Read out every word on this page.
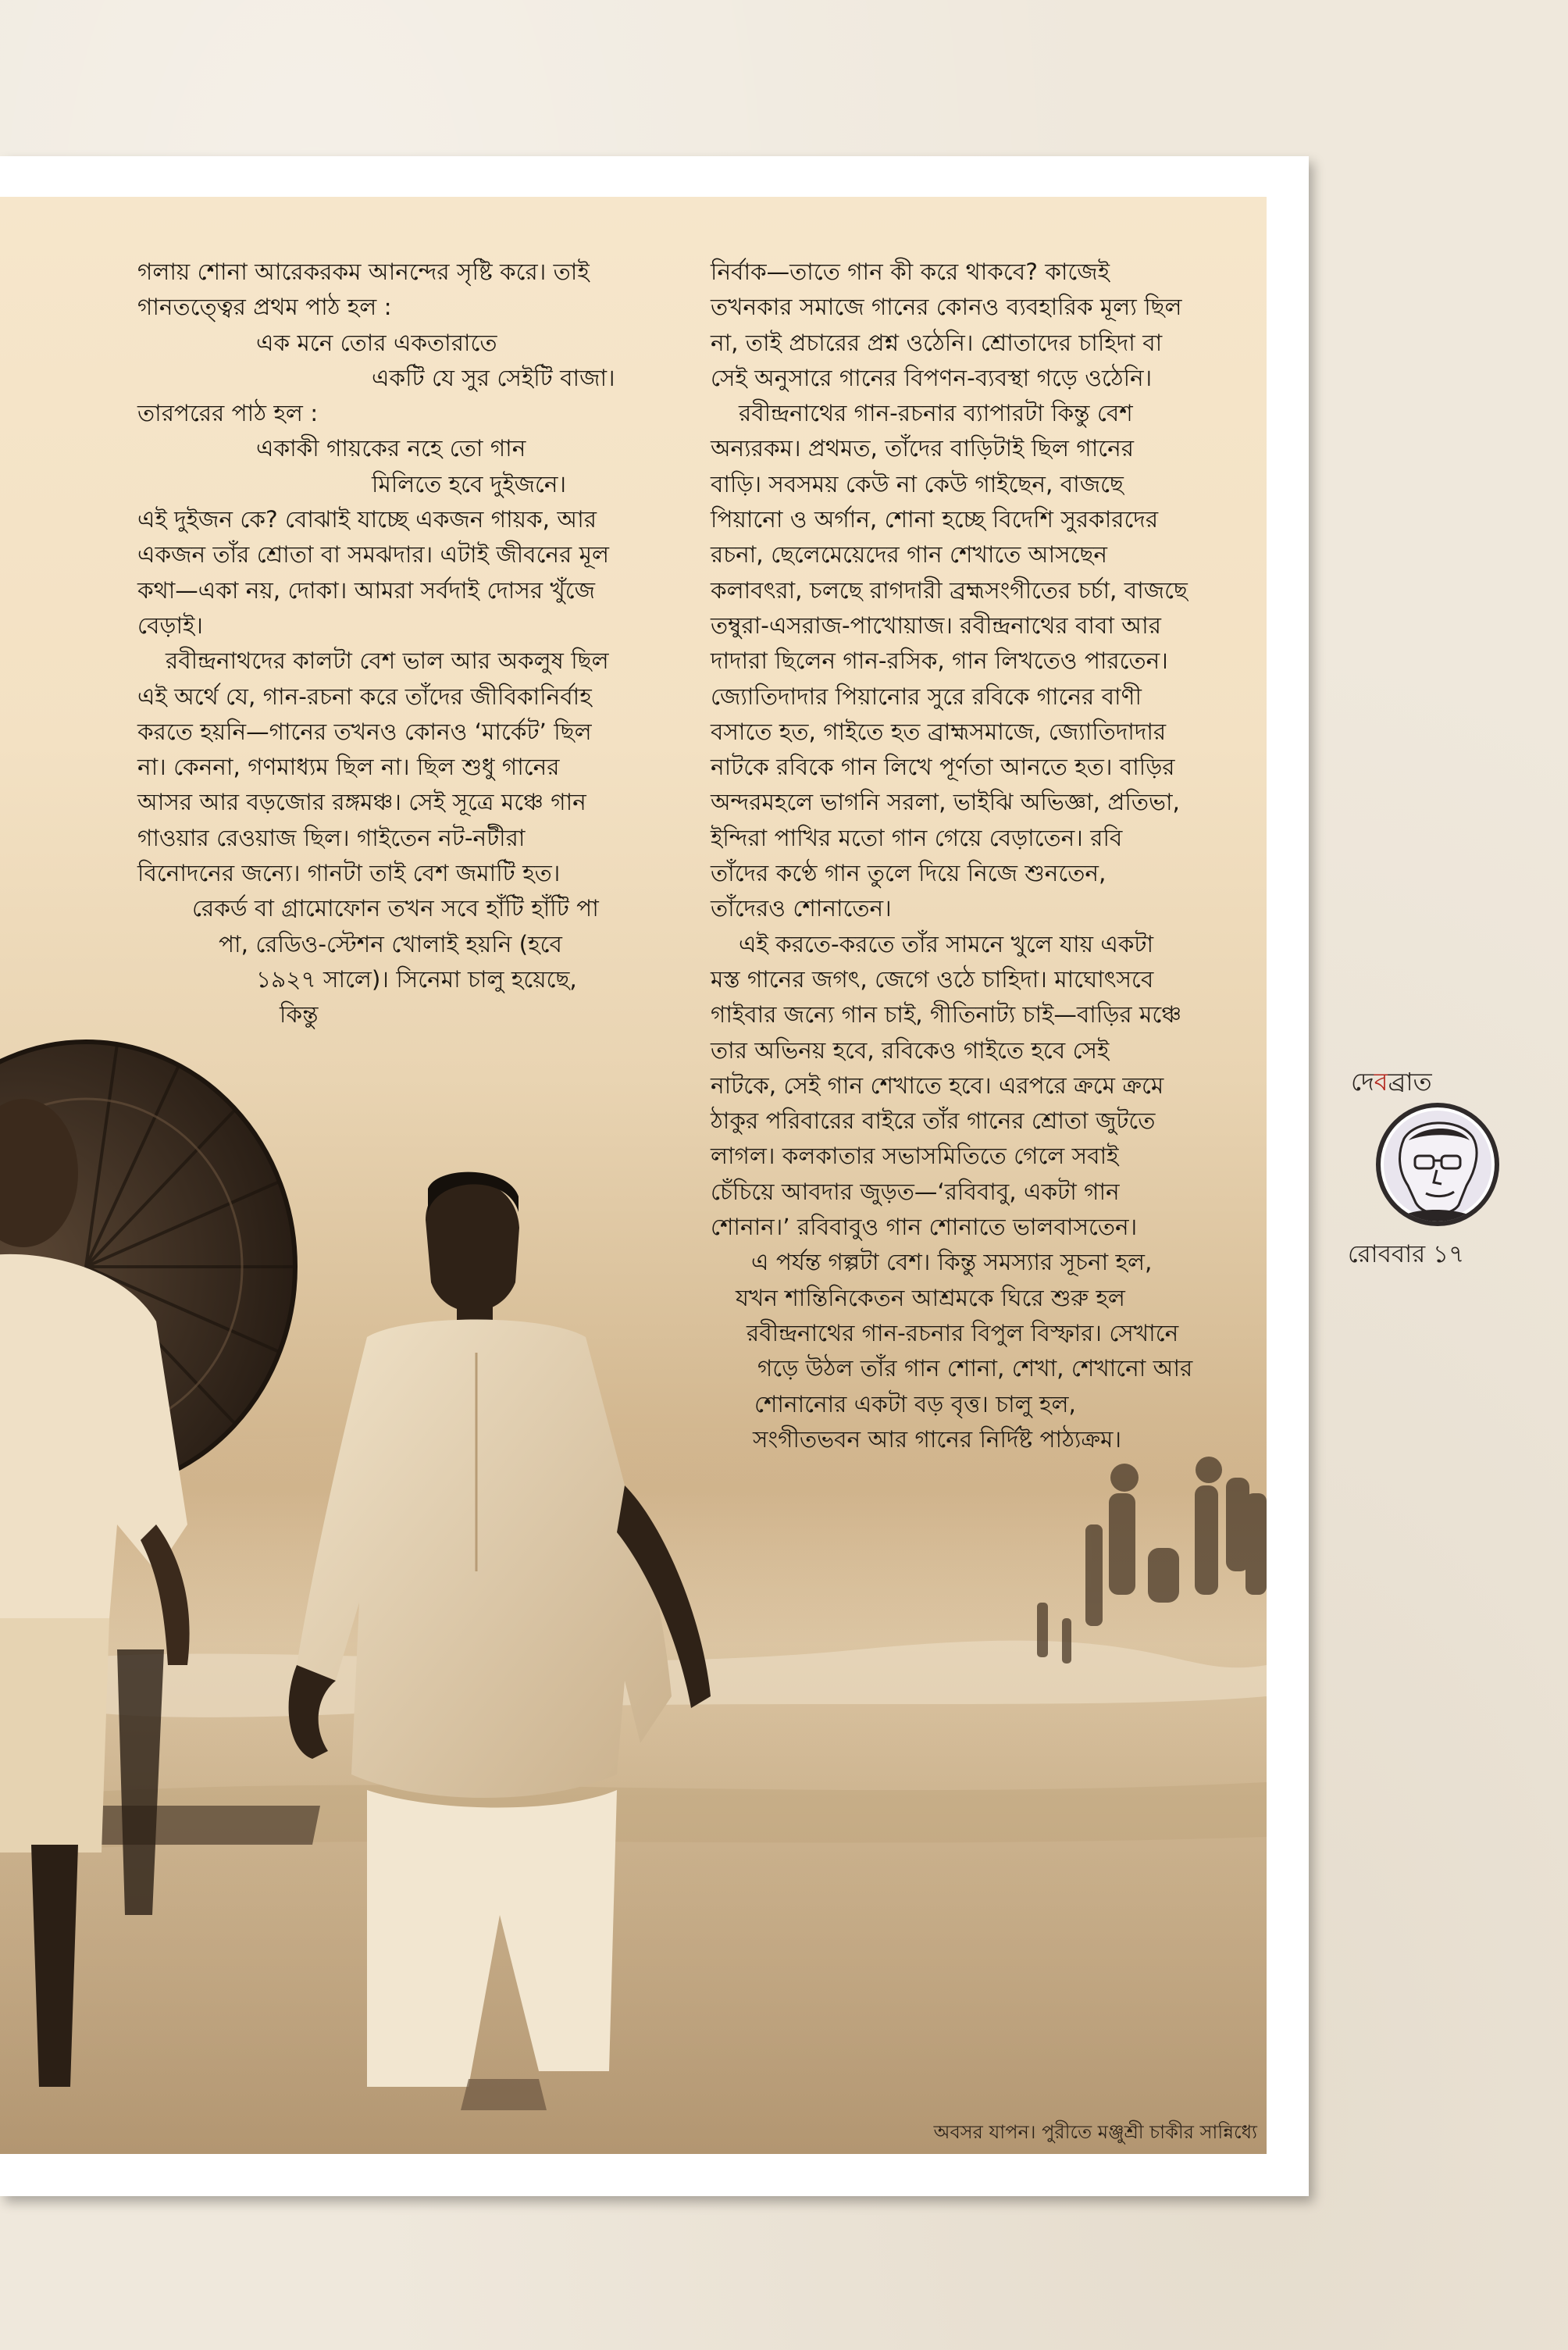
গলায় শোনা আরেকরকম আনন্দের সৃষ্টি করে। তাই

গানতত্ত্বের প্রথম পাঠ হল :

এক মনে তোর একতারাতে

একটি যে সুর সেইটি বাজা।

তারপরের পাঠ হল :

একাকী গায়কের নহে তো গান

মিলিতে হবে দুইজনে।

এই দুইজন কে? বোঝাই যাচ্ছে একজন গায়ক, আর

একজন তাঁর শ্রোতা বা সমঝদার। এটাই জীবনের মূল

কথা—একা নয়, দোকা। আমরা সর্বদাই দোসর খুঁজে

বেড়াই।

রবীন্দ্রনাথদের কালটা বেশ ভাল আর অকলুষ ছিল

এই অর্থে যে, গান-রচনা করে তাঁদের জীবিকানির্বাহ

করতে হয়নি—গানের তখনও কোনও ‘মার্কেট’ ছিল

না। কেননা, গণমাধ্যম ছিল না। ছিল শুধু গানের

আসর আর বড়জোর রঙ্গমঞ্চ। সেই সূত্রে মঞ্চে গান

গাওয়ার রেওয়াজ ছিল। গাইতেন নট-নটীরা

বিনোদনের জন্যে। গানটা তাই বেশ জমাটি হত।

রেকর্ড বা গ্রামোফোন তখন সবে হাঁটি হাঁটি পা

পা, রেডিও-স্টেশন খোলাই হয়নি (হবে

১৯২৭ সালে)। সিনেমা চালু হয়েছে,

কিন্তু

নির্বাক—তাতে গান কী করে থাকবে? কাজেই

তখনকার সমাজে গানের কোনও ব্যবহারিক মূল্য ছিল

না, তাই প্রচারের প্রশ্ন ওঠেনি। শ্রোতাদের চাহিদা বা

সেই অনুসারে গানের বিপণন-ব্যবস্থা গড়ে ওঠেনি।

রবীন্দ্রনাথের গান-রচনার ব্যাপারটা কিন্তু বেশ

অন্যরকম। প্রথমত, তাঁদের বাড়িটাই ছিল গানের

বাড়ি। সবসময় কেউ না কেউ গাইছেন, বাজছে

পিয়ানো ও অর্গান, শোনা হচ্ছে বিদেশি সুরকারদের

রচনা, ছেলেমেয়েদের গান শেখাতে আসছেন

কলাবৎরা, চলছে রাগদারী ব্রহ্মসংগীতের চর্চা, বাজছে

তম্বুরা-এসরাজ-পাখোয়াজ। রবীন্দ্রনাথের বাবা আর

দাদারা ছিলেন গান-রসিক, গান লিখতেও পারতেন।

জ্যোতিদাদার পিয়ানোর সুরে রবিকে গানের বাণী

বসাতে হত, গাইতে হত ব্রাহ্মসমাজে, জ্যোতিদাদার

নাটকে রবিকে গান লিখে পূর্ণতা আনতে হত। বাড়ির

অন্দরমহলে ভাগনি সরলা, ভাইঝি অভিজ্ঞা, প্রতিভা,

ইন্দিরা পাখির মতো গান গেয়ে বেড়াতেন। রবি

তাঁদের কণ্ঠে গান তুলে দিয়ে নিজে শুনতেন,

তাঁদেরও শোনাতেন।

এই করতে-করতে তাঁর সামনে খুলে যায় একটা

মস্ত গানের জগৎ, জেগে ওঠে চাহিদা। মাঘোৎসবে

গাইবার জন্যে গান চাই, গীতিনাট্য চাই—বাড়ির মঞ্চে

তার অভিনয় হবে, রবিকেও গাইতে হবে সেই

নাটকে, সেই গান শেখাতে হবে। এরপরে ক্রমে ক্রমে

ঠাকুর পরিবারের বাইরে তাঁর গানের শ্রোতা জুটতে

লাগল। কলকাতার সভাসমিতিতে গেলে সবাই

চেঁচিয়ে আবদার জুড়ত—‘রবিবাবু, একটা গান

শোনান।’ রবিবাবুও গান শোনাতে ভালবাসতেন।

এ পর্যন্ত গল্পটা বেশ। কিন্তু সমস্যার সূচনা হল,

যখন শান্তিনিকেতন আশ্রমকে ঘিরে শুরু হল

রবীন্দ্রনাথের গান-রচনার বিপুল বিস্ফার। সেখানে

গড়ে উঠল তাঁর গান শোনা, শেখা, শেখানো আর

শোনানোর একটা বড় বৃত্ত। চালু হল,

সংগীতভবন আর গানের নির্দিষ্ট পাঠ্যক্রম।

অবসর যাপন। পুরীতে মঞ্জুশ্রী চাকীর সান্নিধ্যে
দেবব্রাত
রোববার ১৭
